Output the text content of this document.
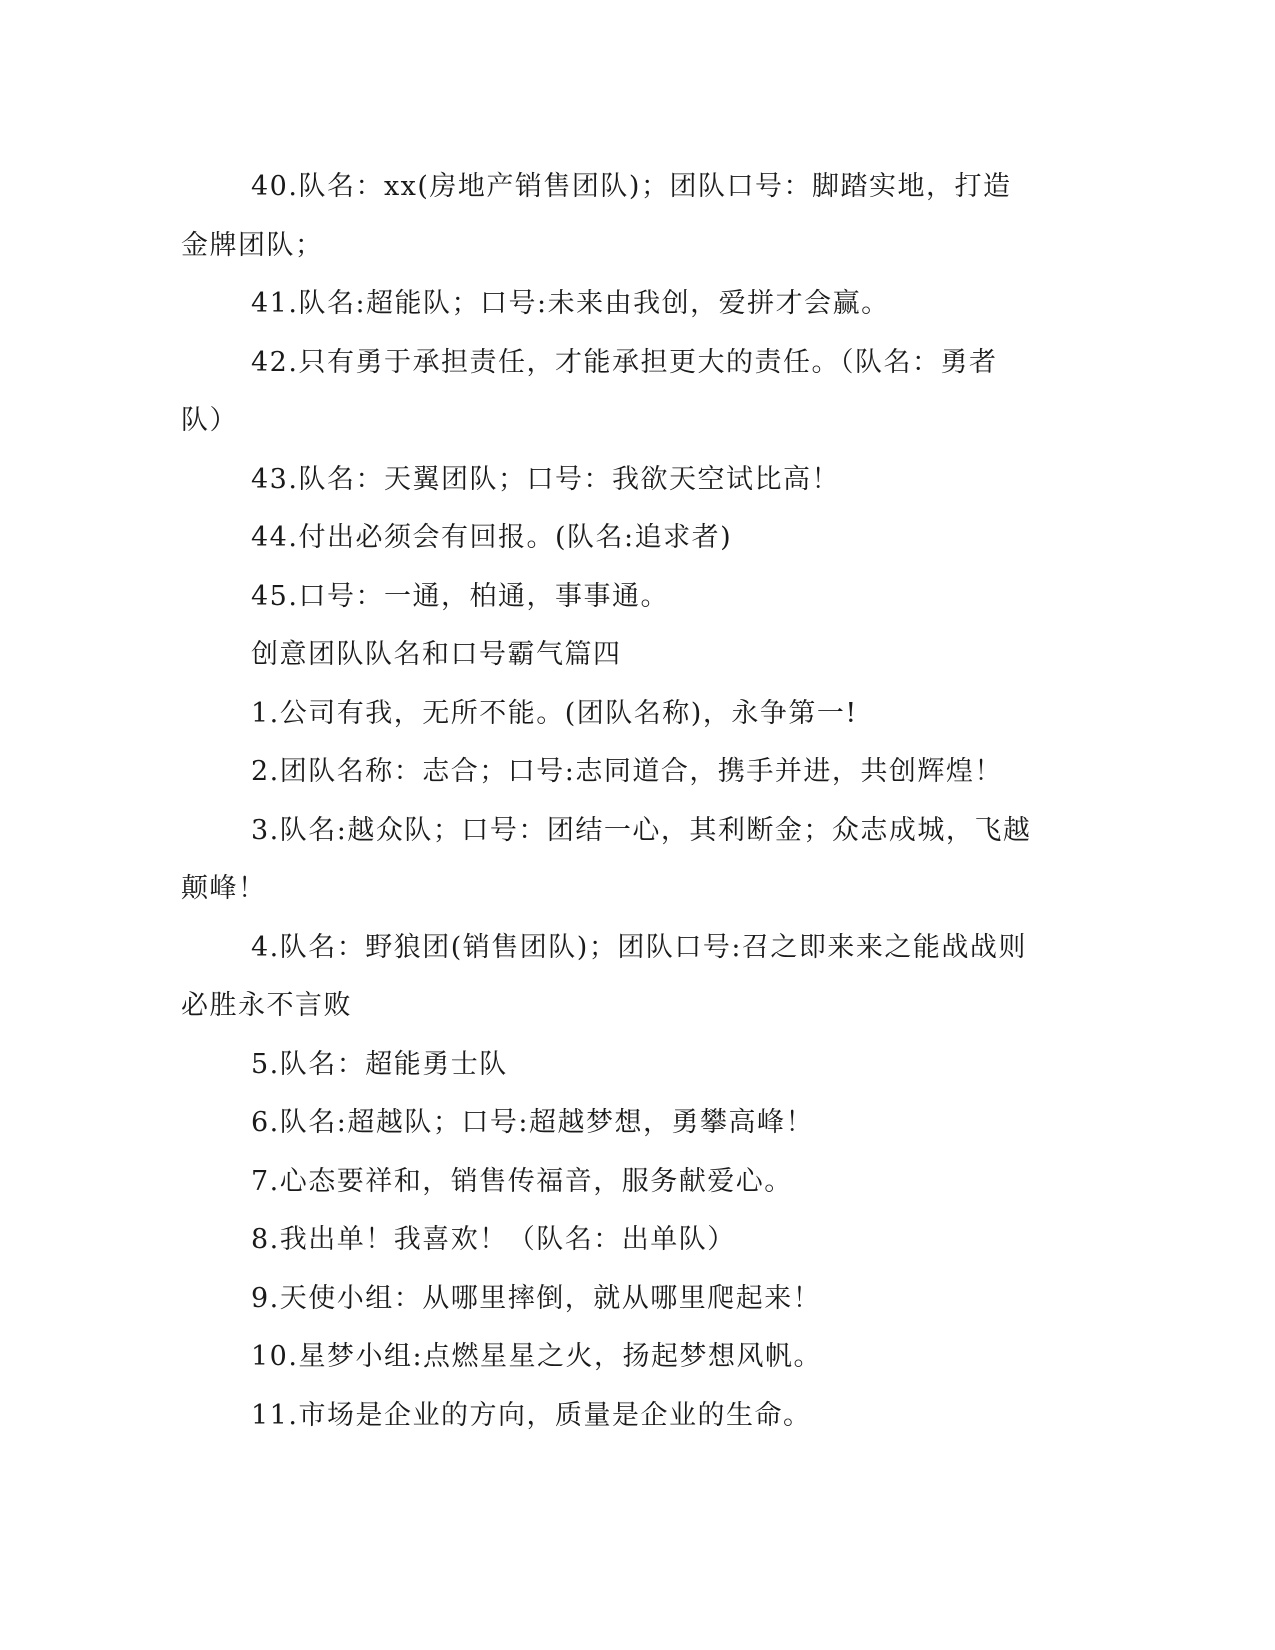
40.队名：xx(房地产销售团队)；团队口号：脚踏实地，打造金牌团队；

41.队名:超能队；口号:未来由我创，爱拼才会赢。

42.只有勇于承担责任，才能承担更大的责任。（队名：勇者队）

43.队名：天翼团队；口号：我欲天空试比高！

44.付出必须会有回报。(队名:追求者)

45.口号：一通，柏通，事事通。

创意团队队名和口号霸气篇四

1.公司有我，无所不能。(团队名称)，永争第一!

2.团队名称：志合；口号:志同道合，携手并进，共创辉煌！

3.队名:越众队；口号：团结一心，其利断金；众志成城，飞越颠峰！

4.队名：野狼团(销售团队)；团队口号:召之即来来之能战战则必胜永不言败

5.队名：超能勇士队

6.队名:超越队；口号:超越梦想，勇攀高峰！

7.心态要祥和，销售传福音，服务献爱心。

8.我出单！我喜欢！（队名：出单队）

9.天使小组：从哪里摔倒，就从哪里爬起来！

10.星梦小组:点燃星星之火，扬起梦想风帆。

11.市场是企业的方向，质量是企业的生命。
